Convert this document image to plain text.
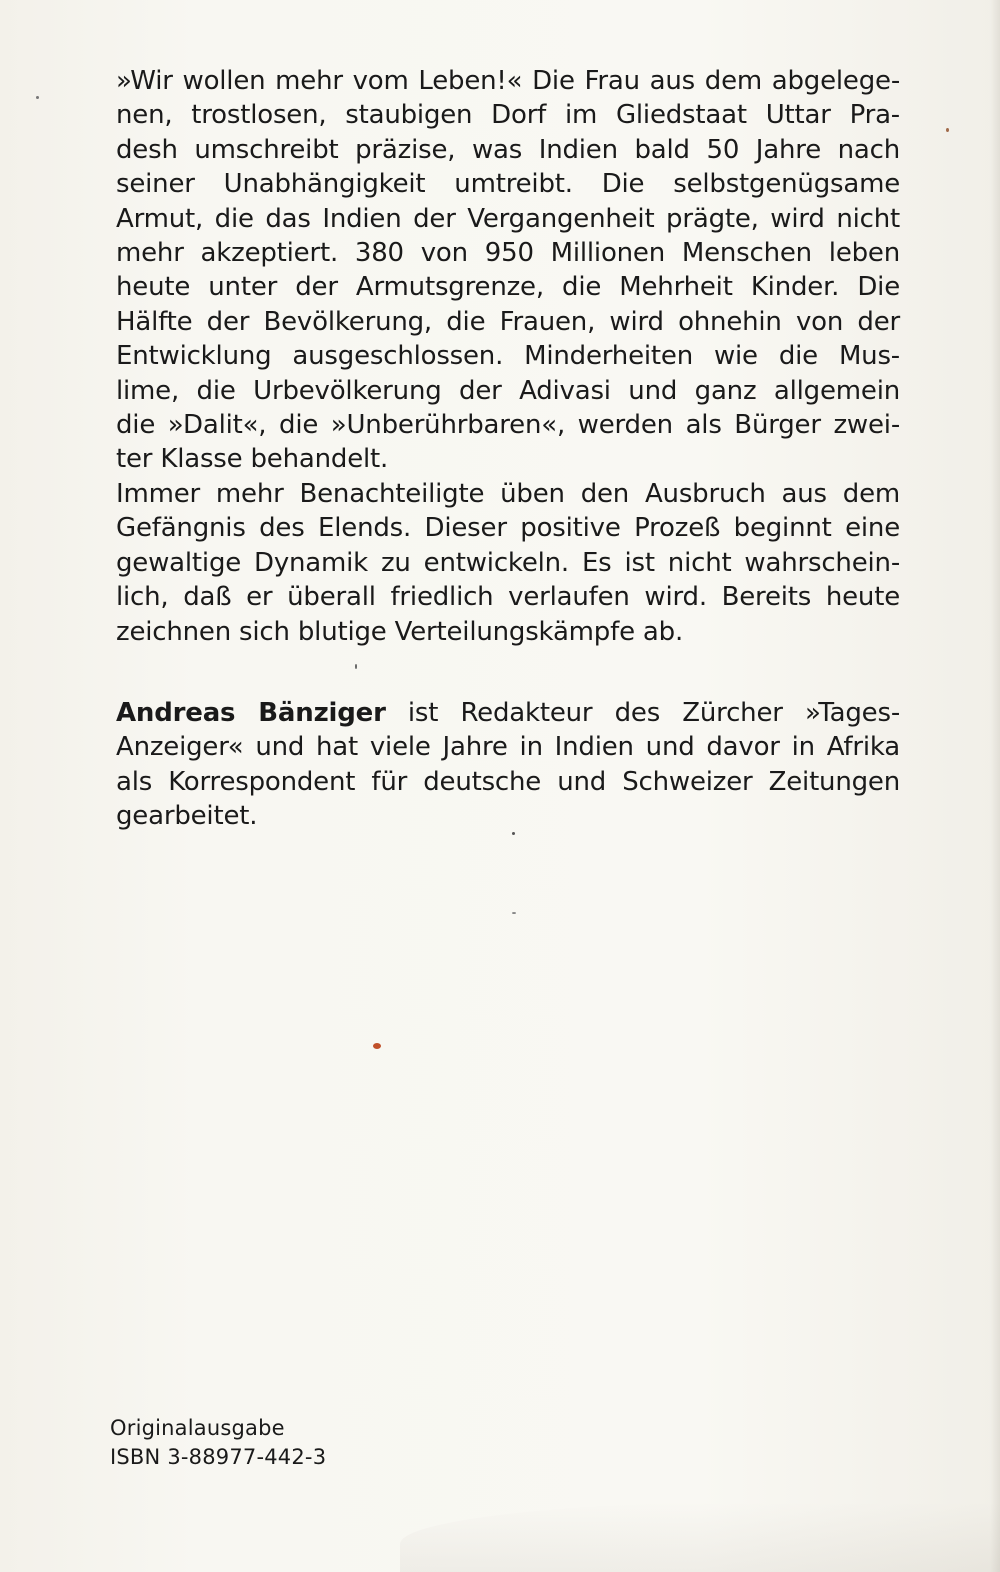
»Wir wollen mehr vom Leben!« Die Frau aus dem abgelege-
nen, trostlosen, staubigen Dorf im Gliedstaat Uttar Pra-
desh umschreibt präzise, was Indien bald 50 Jahre nach
seiner Unabhängigkeit umtreibt. Die selbstgenügsame
Armut, die das Indien der Vergangenheit prägte, wird nicht
mehr akzeptiert. 380 von 950 Millionen Menschen leben
heute unter der Armutsgrenze, die Mehrheit Kinder. Die
Hälfte der Bevölkerung, die Frauen, wird ohnehin von der
Entwicklung ausgeschlossen. Minderheiten wie die Mus-
lime, die Urbevölkerung der Adivasi und ganz allgemein
die »Dalit«, die »Unberührbaren«, werden als Bürger zwei-
ter Klasse behandelt.
Immer mehr Benachteiligte üben den Ausbruch aus dem
Gefängnis des Elends. Dieser positive Prozeß beginnt eine
gewaltige Dynamik zu entwickeln. Es ist nicht wahrschein-
lich, daß er überall friedlich verlaufen wird. Bereits heute
zeichnen sich blutige Verteilungskämpfe ab.
Andreas Bänziger ist Redakteur des Zürcher »Tages-
Anzeiger« und hat viele Jahre in Indien und davor in Afrika
als Korrespondent für deutsche und Schweizer Zeitungen
gearbeitet.
Originalausgabe
ISBN 3-88977-442-3
